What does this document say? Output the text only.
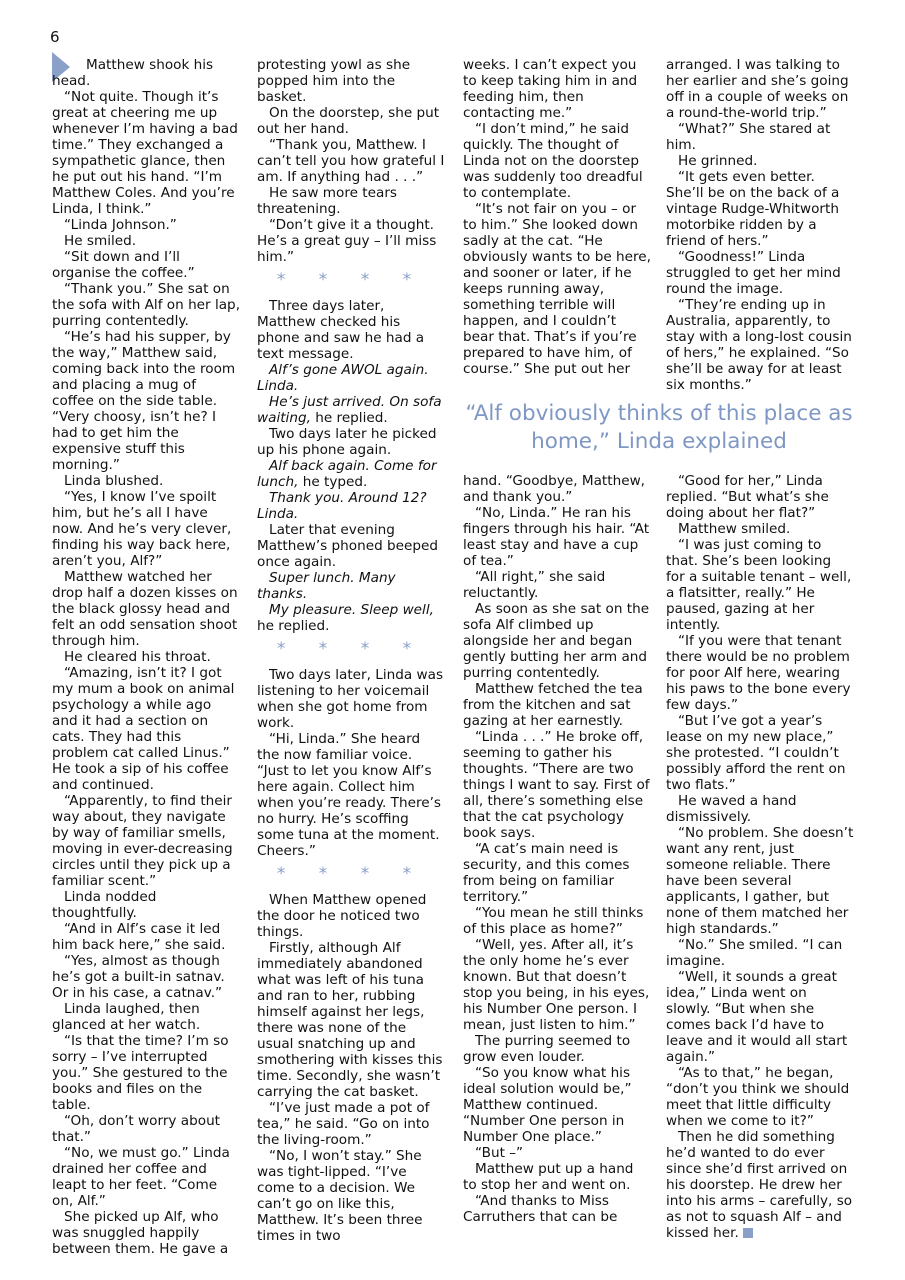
6

Matthew shook his head.

“Not quite. Though it’s great at cheering me up whenever I’m having a bad time.” They exchanged a sympathetic glance, then he put out his hand. “I’m Matthew Coles. And you’re Linda, I think.”

“Linda Johnson.”

He smiled.

“Sit down and I’ll organise the coffee.”

“Thank you.” She sat on the sofa with Alf on her lap, purring contentedly.

“He’s had his supper, by the way,” Matthew said, coming back into the room and placing a mug of coffee on the side table. “Very choosy, isn’t he? I had to get him the expensive stuff this morning.”

Linda blushed.

“Yes, I know I’ve spoilt him, but he’s all I have now. And he’s very clever, finding his way back here, aren’t you, Alf?”

Matthew watched her drop half a dozen kisses on the black glossy head and felt an odd sensation shoot through him.

He cleared his throat.

“Amazing, isn’t it? I got my mum a book on animal psychology a while ago and it had a section on cats. They had this problem cat called Linus.” He took a sip of his coffee and continued.

“Apparently, to find their way about, they navigate by way of familiar smells, moving in ever-decreasing circles until they pick up a familiar scent.”

Linda nodded thoughtfully.

“And in Alf’s case it led him back here,” she said.

“Yes, almost as though he’s got a built-in satnav. Or in his case, a catnav.”

Linda laughed, then glanced at her watch.

“Is that the time? I’m so sorry – I’ve interrupted you.” She gestured to the books and files on the table.

“Oh, don’t worry about that.”

“No, we must go.” Linda drained her coffee and leapt to her feet. “Come on, Alf.”

She picked up Alf, who was snuggled happily between them. He gave a

protesting yowl as she popped him into the basket.

On the doorstep, she put out her hand.

“Thank you, Matthew. I can’t tell you how grateful I am. If anything had . . .”

He saw more tears threatening.

“Don’t give it a thought. He’s a great guy – I’ll miss him.”

* * * *

Three days later, Matthew checked his phone and saw he had a text message.

Alf’s gone AWOL again. Linda.

He’s just arrived. On sofa waiting, he replied.

Two days later he picked up his phone again.

Alf back again. Come for lunch, he typed.

Thank you. Around 12? Linda.

Later that evening Matthew’s phoned beeped once again.

Super lunch. Many thanks.

My pleasure. Sleep well, he replied.

* * * *

Two days later, Linda was listening to her voicemail when she got home from work.

“Hi, Linda.” She heard the now familiar voice. “Just to let you know Alf’s here again. Collect him when you’re ready. There’s no hurry. He’s scoffing some tuna at the moment. Cheers.”

* * * *

When Matthew opened the door he noticed two things.

Firstly, although Alf immediately abandoned what was left of his tuna and ran to her, rubbing himself against her legs, there was none of the usual snatching up and smothering with kisses this time. Secondly, she wasn’t carrying the cat basket.

“I’ve just made a pot of tea,” he said. “Go on into the living-room.”

“No, I won’t stay.” She was tight-lipped. “I’ve come to a decision. We can’t go on like this, Matthew. It’s been three times in two

weeks. I can’t expect you to keep taking him in and feeding him, then contacting me.”

“I don’t mind,” he said quickly. The thought of Linda not on the doorstep was suddenly too dreadful to contemplate.

“It’s not fair on you – or to him.” She looked down sadly at the cat. “He obviously wants to be here, and sooner or later, if he keeps running away, something terrible will happen, and I couldn’t bear that. That’s if you’re prepared to have him, of course.” She put out her

arranged. I was talking to her earlier and she’s going off in a couple of weeks on a round-the-world trip.”

“What?” She stared at him.

He grinned.

“It gets even better. She’ll be on the back of a vintage Rudge-Whitworth motorbike ridden by a friend of hers.”

“Goodness!” Linda struggled to get her mind round the image.

“They’re ending up in Australia, apparently, to stay with a long-lost cousin of hers,” he explained. “So she’ll be away for at least six months.”

“Alf obviously thinks of this place as home,” Linda explained

hand. “Goodbye, Matthew, and thank you.”

“No, Linda.” He ran his fingers through his hair. “At least stay and have a cup of tea.”

“All right,” she said reluctantly.

As soon as she sat on the sofa Alf climbed up alongside her and began gently butting her arm and purring contentedly.

Matthew fetched the tea from the kitchen and sat gazing at her earnestly.

“Linda . . .” He broke off, seeming to gather his thoughts. “There are two things I want to say. First of all, there’s something else that the cat psychology book says.

“A cat’s main need is security, and this comes from being on familiar territory.”

“You mean he still thinks of this place as home?”

“Well, yes. After all, it’s the only home he’s ever known. But that doesn’t stop you being, in his eyes, his Number One person. I mean, just listen to him.”

The purring seemed to grow even louder.

“So you know what his ideal solution would be,” Matthew continued. “Number One person in Number One place.”

“But –”

Matthew put up a hand to stop her and went on.

“And thanks to Miss Carruthers that can be

“Good for her,” Linda replied. “But what’s she doing about her flat?”

Matthew smiled.

“I was just coming to that. She’s been looking for a suitable tenant – well, a flatsitter, really.” He paused, gazing at her intently.

“If you were that tenant there would be no problem for poor Alf here, wearing his paws to the bone every few days.”

“But I’ve got a year’s lease on my new place,” she protested. “I couldn’t possibly afford the rent on two flats.”

He waved a hand dismissively.

“No problem. She doesn’t want any rent, just someone reliable. There have been several applicants, I gather, but none of them matched her high standards.”

“No.” She smiled. “I can imagine.

“Well, it sounds a great idea,” Linda went on slowly. “But when she comes back I’d have to leave and it would all start again.”

“As to that,” he began, “don’t you think we should meet that little difficulty when we come to it?”

Then he did something he’d wanted to do ever since she’d first arrived on his doorstep. He drew her into his arms – carefully, so as not to squash Alf – and kissed her.
